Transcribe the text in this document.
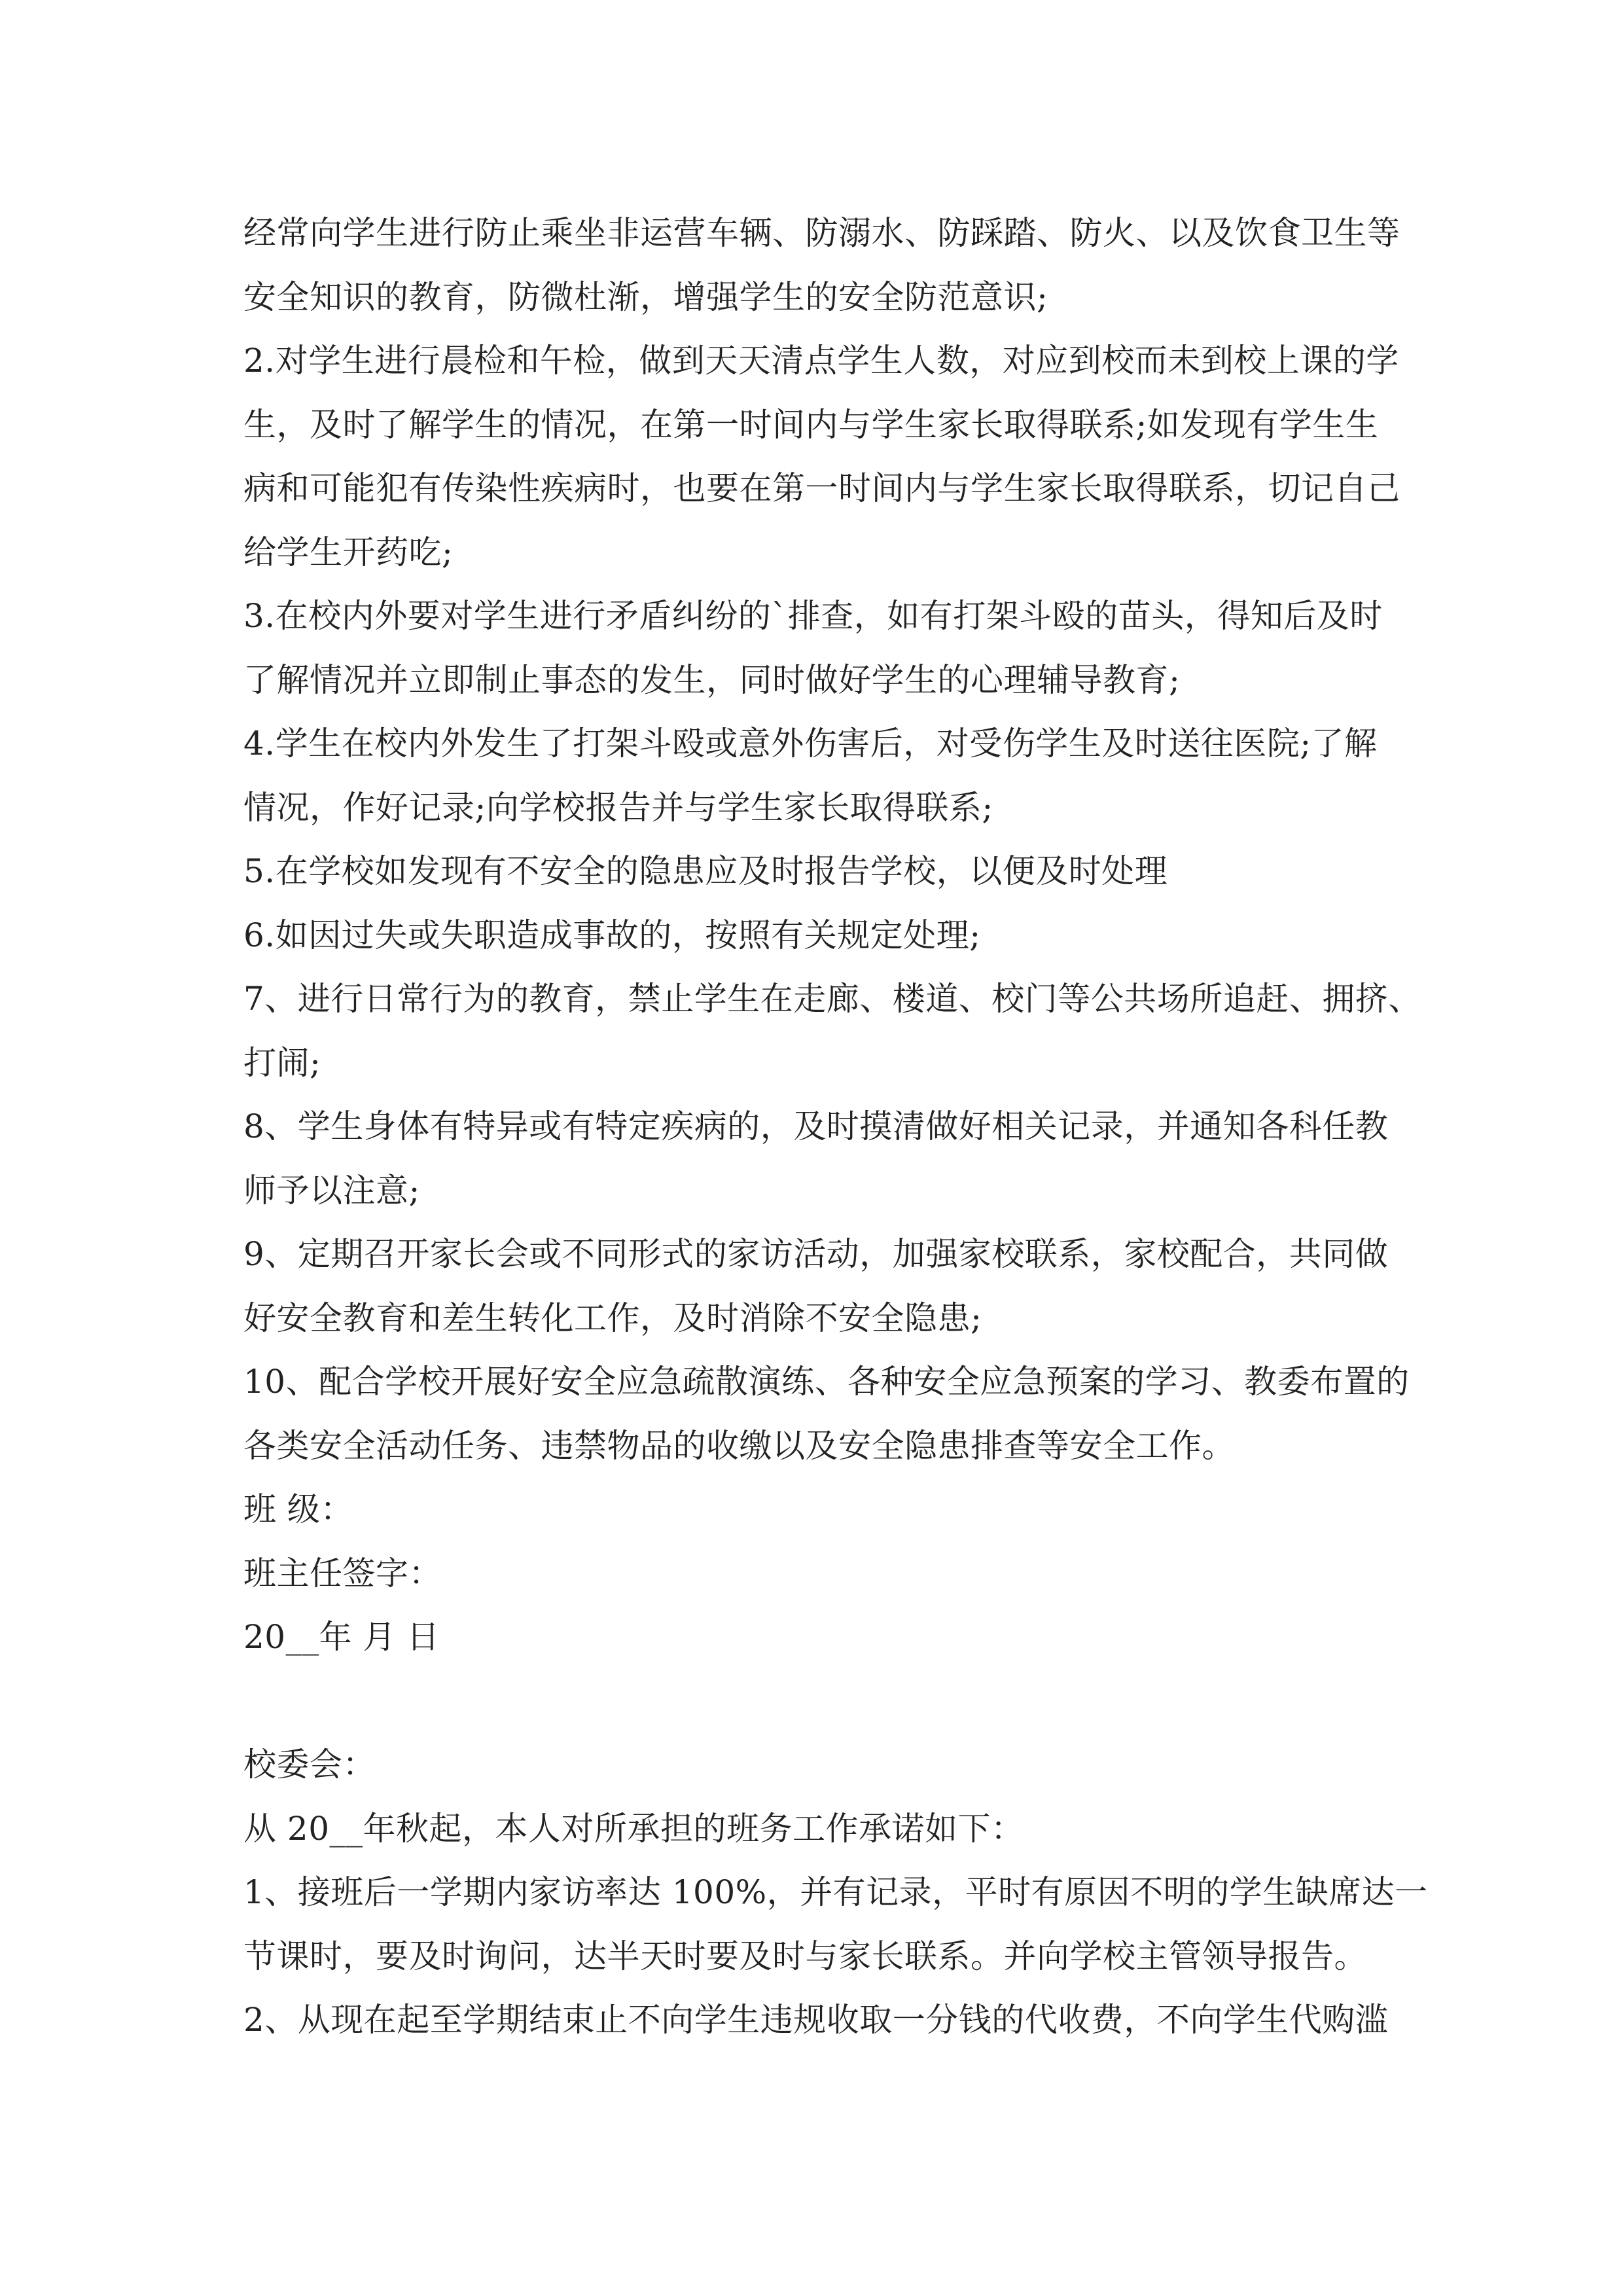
经常向学生进行防止乘坐非运营车辆、防溺水、防踩踏、防火、以及饮食卫生等
安全知识的教育，防微杜渐，增强学生的安全防范意识;
2.对学生进行晨检和午检，做到天天清点学生人数，对应到校而未到校上课的学
生，及时了解学生的情况，在第一时间内与学生家长取得联系;如发现有学生生
病和可能犯有传染性疾病时，也要在第一时间内与学生家长取得联系，切记自己
给学生开药吃;
3.在校内外要对学生进行矛盾纠纷的`排查，如有打架斗殴的苗头，得知后及时
了解情况并立即制止事态的发生，同时做好学生的心理辅导教育;
4.学生在校内外发生了打架斗殴或意外伤害后，对受伤学生及时送往医院;了解
情况，作好记录;向学校报告并与学生家长取得联系;
5.在学校如发现有不安全的隐患应及时报告学校，以便及时处理
6.如因过失或失职造成事故的，按照有关规定处理;
7、进行日常行为的教育，禁止学生在走廊、楼道、校门等公共场所追赶、拥挤、
打闹;
8、学生身体有特异或有特定疾病的，及时摸清做好相关记录，并通知各科任教
师予以注意;
9、定期召开家长会或不同形式的家访活动，加强家校联系，家校配合，共同做
好安全教育和差生转化工作，及时消除不安全隐患;
10、配合学校开展好安全应急疏散演练、各种安全应急预案的学习、教委布置的
各类安全活动任务、违禁物品的收缴以及安全隐患排查等安全工作。
班 级：
班主任签字：
20__年 月 日
校委会：
从 20__年秋起，本人对所承担的班务工作承诺如下：
1、接班后一学期内家访率达 100%，并有记录，平时有原因不明的学生缺席达一
节课时，要及时询问，达半天时要及时与家长联系。并向学校主管领导报告。
2、从现在起至学期结束止不向学生违规收取一分钱的代收费，不向学生代购滥
